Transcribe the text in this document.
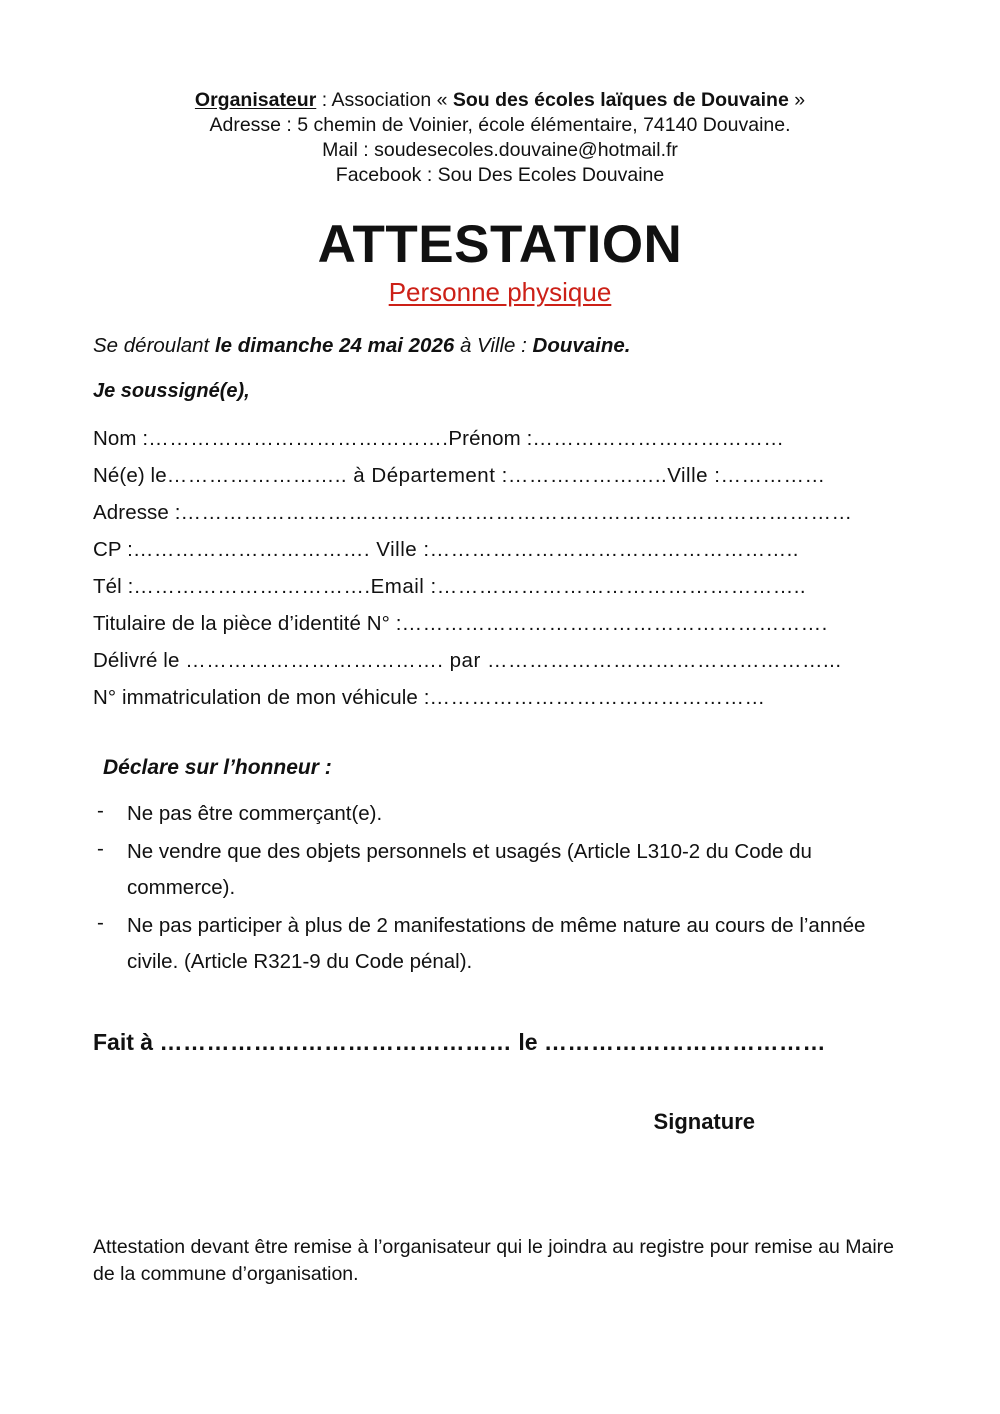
Organisateur : Association « Sou des écoles laïques de Douvaine »
Adresse : 5 chemin de Voinier, école élémentaire, 74140 Douvaine.
Mail : soudesecoles.douvaine@hotmail.fr
Facebook : Sou Des Ecoles Douvaine
ATTESTATION
Personne physique

Se déroulant le dimanche 24 mai 2026 à Ville : Douvaine.

Je soussigné(e),

Nom :…………………………………….Prénom :………………………………
Né(e) le…………………….. à Département :…………………..Ville :……………
Adresse :……………………………………………………………………………………
CP :……………………………. Ville :……………………………………………..
Tél :…………………………….Email :……………………………………………..
Titulaire de la pièce d’identité N° :…………………………………………………….
Délivré le ………………………………. par …………………………………………...
N° immatriculation de mon véhicule :…………………………………………

Déclare sur l’honneur :

-	Ne pas être commerçant(e).
-	Ne vendre que des objets personnels et usagés (Article L310-2 du Code du commerce).
-	Ne pas participer à plus de 2 manifestations de même nature au cours de l’année civile. (Article R321-9 du Code pénal).

Fait à ……………………………………… le ………………………………

Signature
Attestation devant être remise à l’organisateur qui le joindra au registre pour remise au Maire de la commune d’organisation.
